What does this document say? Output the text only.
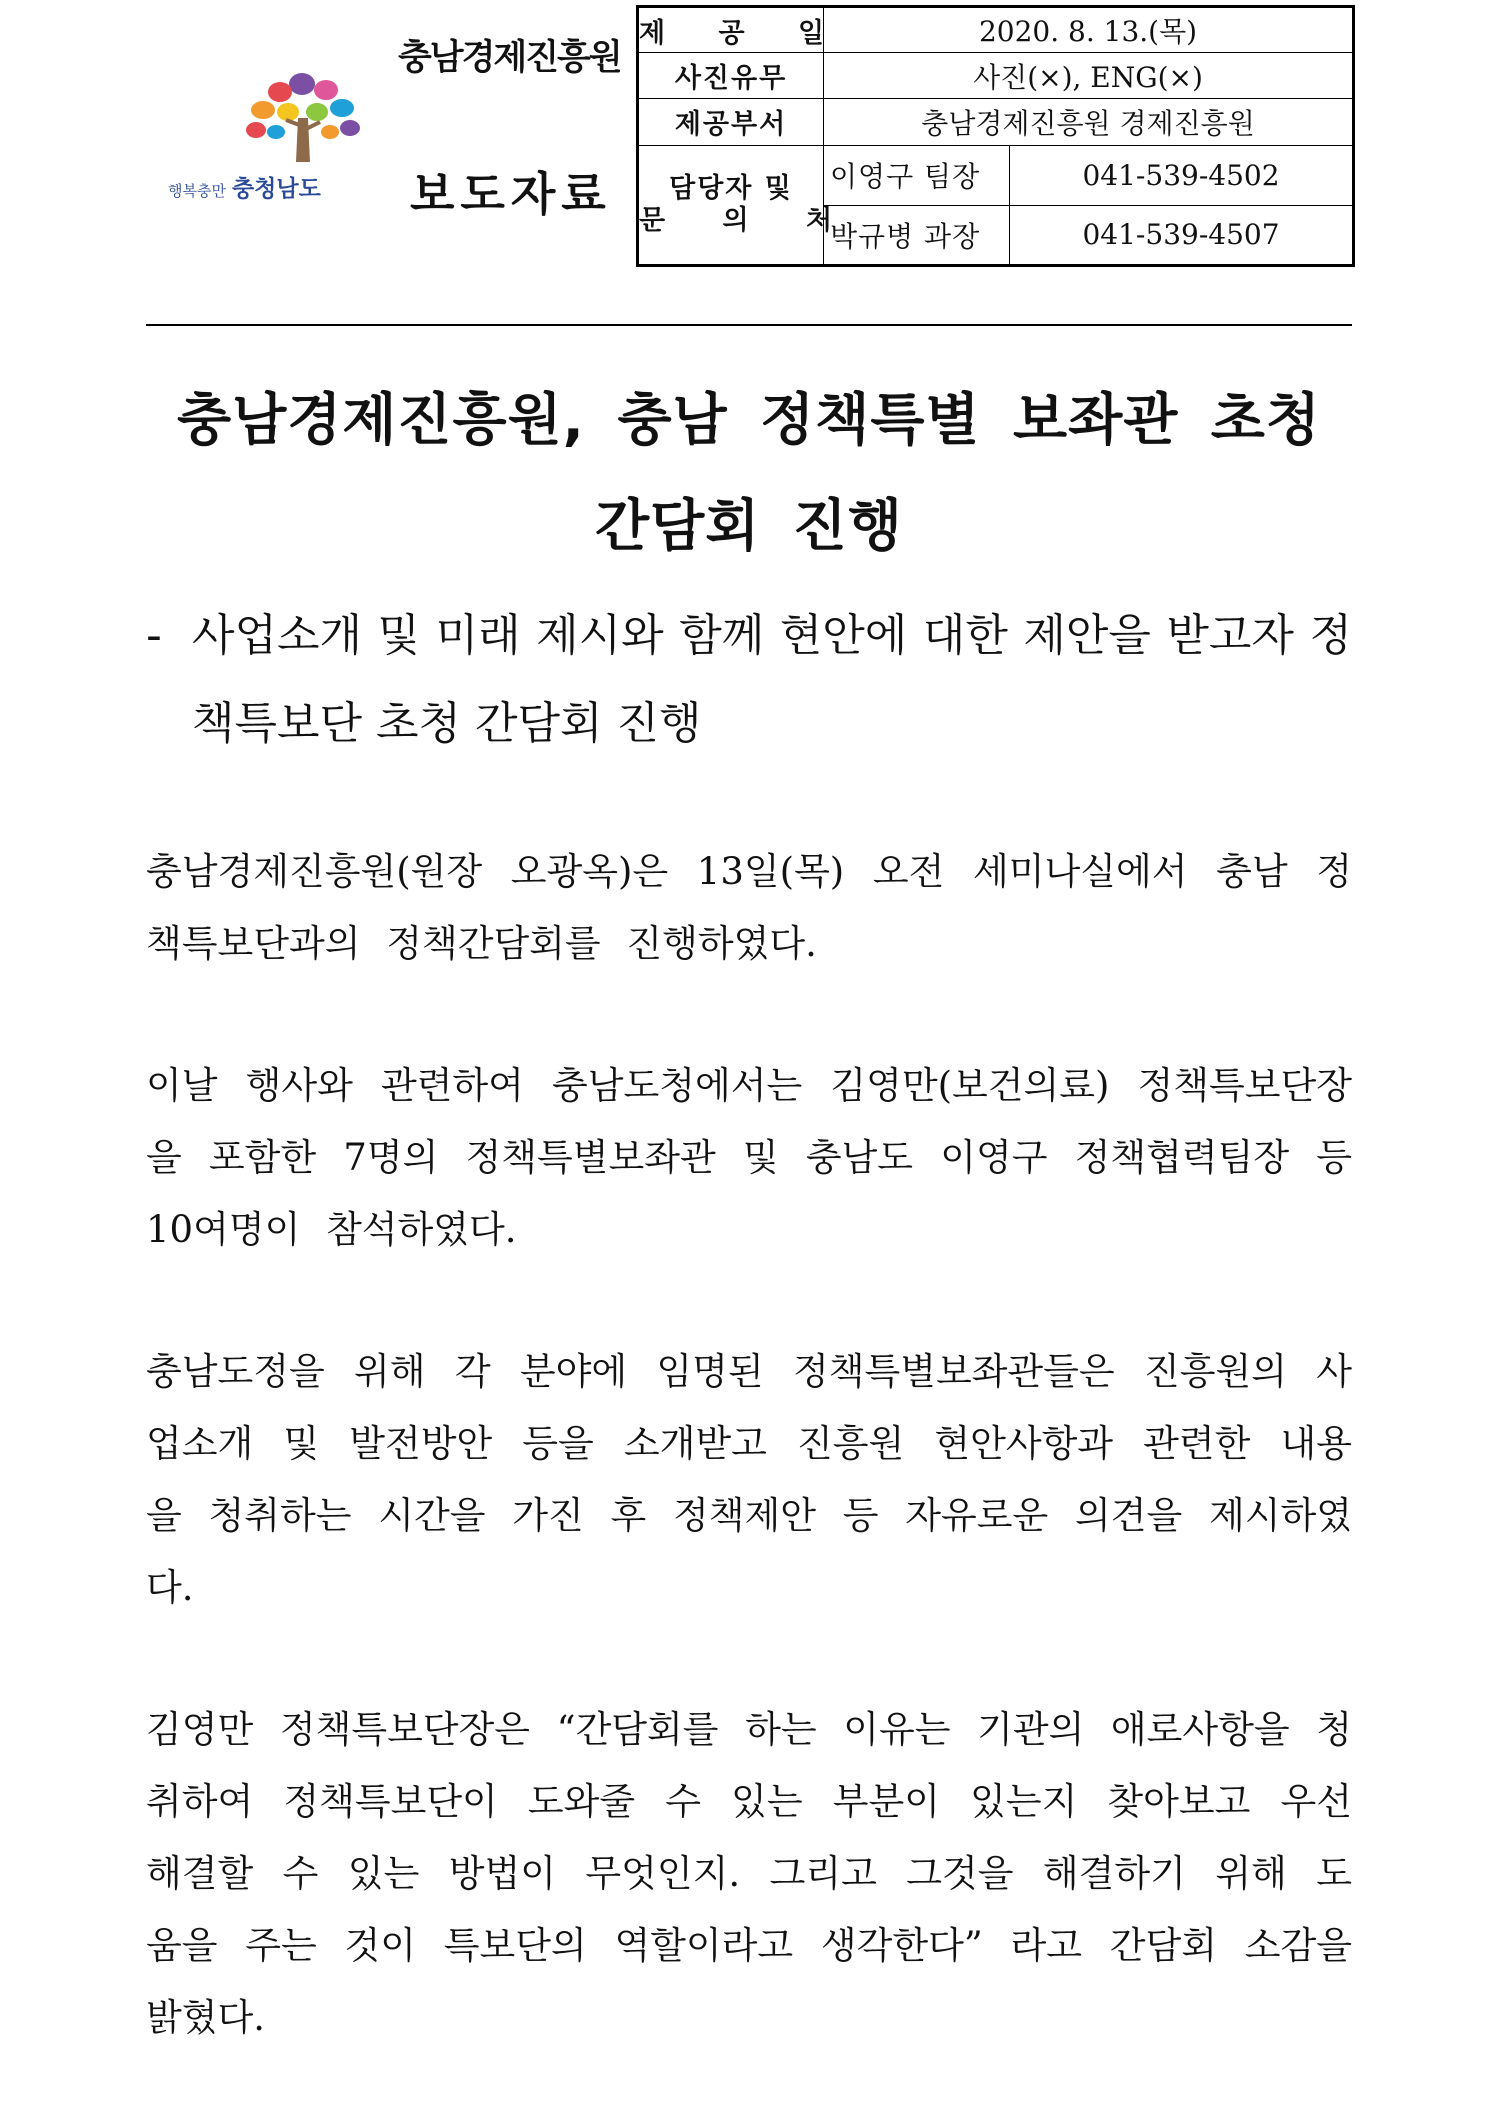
행복충만 충청남도
충남경제진흥원
보도자료
제 공 일	2020. 8. 13.(목)	
사진유무	사진(×), ENG(×)	
제공부서	충남경제진흥원 경제진흥원	

담당자 및
문 의 처	이영구 팀장	041-539-4502
	박규병 과장	041-539-4507
충남경제진흥원, 충남 정책특별 보좌관 초청
간담회 진행
- 사업소개 및 미래 제시와 함께 현안에 대한 제안을 받고자 정책특보단 초청 간담회 진행
충남경제진흥원(원장 오광옥)은 13일(목) 오전 세미나실에서 충남 정책특보단과의 정책간담회를 진행하였다.
이날 행사와 관련하여 충남도청에서는 김영만(보건의료) 정책특보단장을 포함한 7명의 정책특별보좌관 및 충남도 이영구 정책협력팀장 등 10여명이 참석하였다.
충남도정을 위해 각 분야에 임명된 정책특별보좌관들은 진흥원의 사업소개 및 발전방안 등을 소개받고 진흥원 현안사항과 관련한 내용을 청취하는 시간을 가진 후 정책제안 등 자유로운 의견을 제시하였다.
김영만 정책특보단장은 “간담회를 하는 이유는 기관의 애로사항을 청취하여 정책특보단이 도와줄 수 있는 부분이 있는지 찾아보고 우선 해결할 수 있는 방법이 무엇인지. 그리고 그것을 해결하기 위해 도움을 주는 것이 특보단의 역할이라고 생각한다” 라고 간담회 소감을 밝혔다.
